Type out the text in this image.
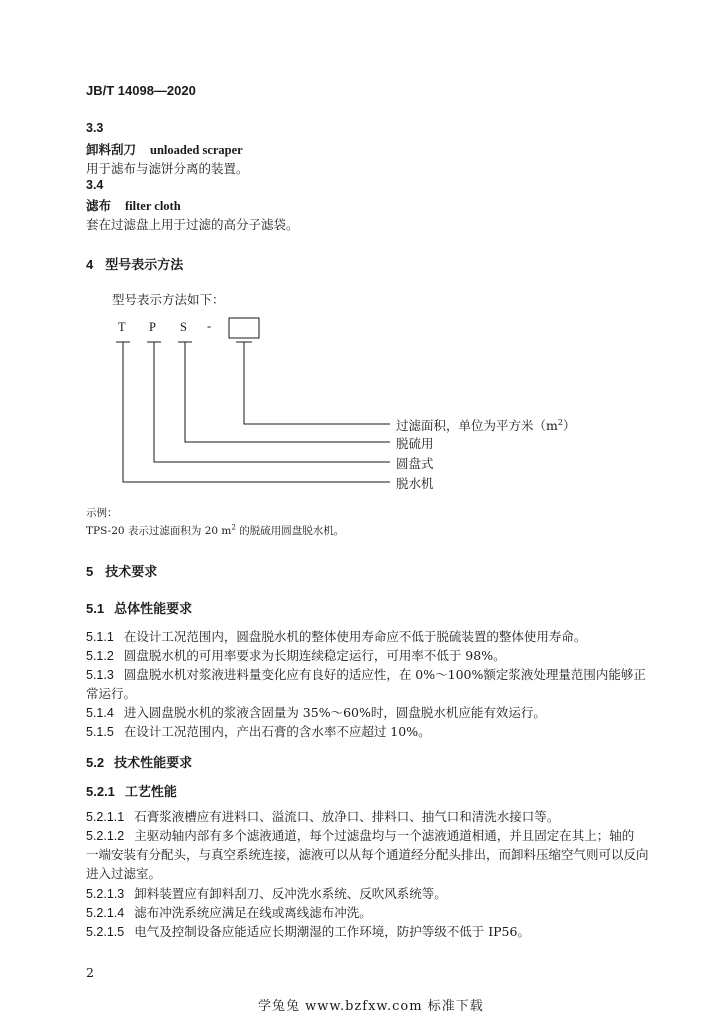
JB/T 14098—2020
3.3
卸料刮刀 unloaded scraper
用于滤布与滤饼分离的装置。
3.4
滤布 filter cloth
套在过滤盘上用于过滤的高分子滤袋。
4 型号表示方法
型号表示方法如下：
T P S -
过滤面积，单位为平方米$(m^2)$
脱硫用
圆盘式
脱水机
示例：
TPS-20 表示过滤面积为 20 $m^2$ 的脱硫用圆盘脱水机。
5 技术要求
5.1 总体性能要求
5.1.1 在设计工况范围内，圆盘脱水机的整体使用寿命应不低于脱硫装置的整体使用寿命。
5.1.2 圆盘脱水机的可用率要求为长期连续稳定运行，可用率不低于 98%。
5.1.3 圆盘脱水机对浆液进料量变化应有良好的适应性，在 0%～100%额定浆液处理量范围内能够正
常运行。
5.1.4 进入圆盘脱水机的浆液含固量为 35%～60%时，圆盘脱水机应能有效运行。
5.1.5 在设计工况范围内，产出石膏的含水率不应超过 10%。
5.2 技术性能要求
5.2.1 工艺性能
5.2.1.1 石膏浆液槽应有进料口、溢流口、放净口、排料口、抽气口和清洗水接口等。
5.2.1.2 主驱动轴内部有多个滤液通道，每个过滤盘均与一个滤液通道相通，并且固定在其上；轴的
一端安装有分配头，与真空系统连接，滤液可以从每个通道经分配头排出，而卸料压缩空气则可以反向
进入过滤室。
5.2.1.3 卸料装置应有卸料刮刀、反冲洗水系统、反吹风系统等。
5.2.1.4 滤布冲洗系统应满足在线或离线滤布冲洗。
5.2.1.5 电气及控制设备应能适应长期潮湿的工作环境，防护等级不低于 IP56。
2
学兔兔 www.bzfxw.com 标准下载
